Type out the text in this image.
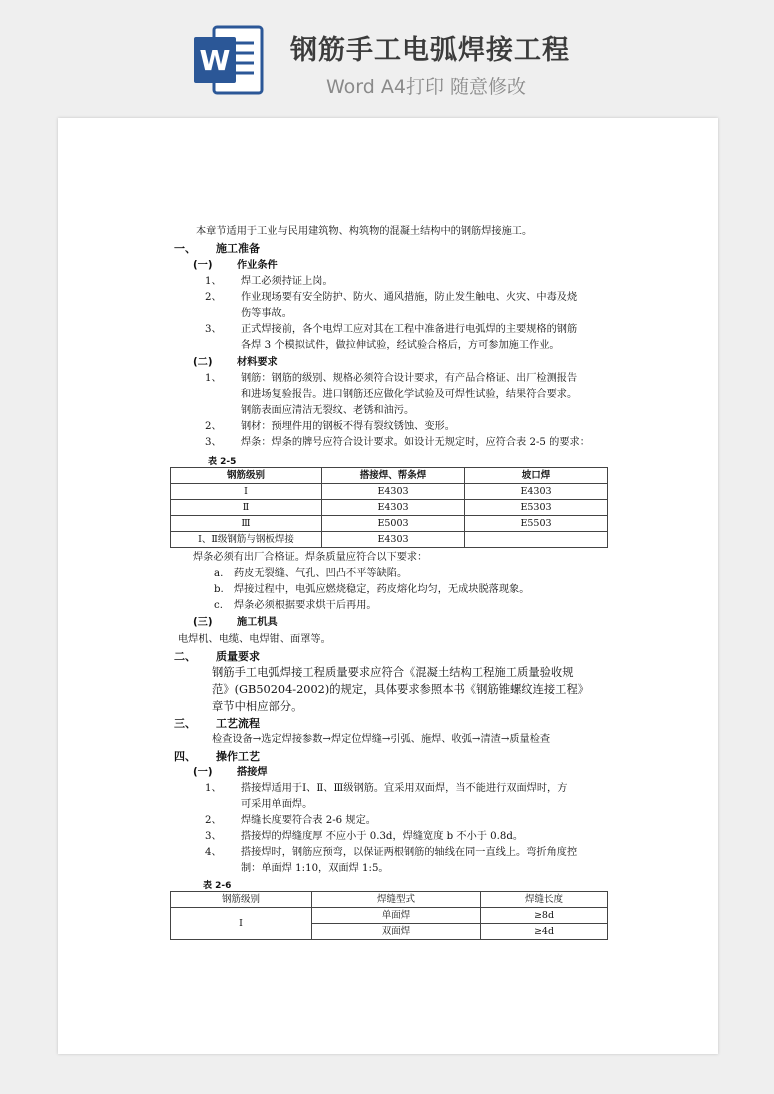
W 钢筋手工电弧焊接工程
Word A4打印 随意修改
本章节适用于工业与民用建筑物、构筑物的混凝土结构中的钢筋焊接施工。
一、 施工准备
(一) 作业条件
1、 焊工必须持证上岗。
2、 作业现场要有安全防护、防火、通风措施，防止发生触电、火灾、中毒及烧
伤等事故。
3、 正式焊接前，各个电焊工应对其在工程中准备进行电弧焊的主要规格的钢筋
各焊 3 个模拟试件，做拉伸试验，经试验合格后，方可参加施工作业。
(二) 材料要求
1、 钢筋：钢筋的级别、规格必须符合设计要求，有产品合格证、出厂检测报告
和进场复验报告。进口钢筋还应做化学试验及可焊性试验，结果符合要求。
钢筋表面应清洁无裂纹、老锈和油污。
2、 钢材：预埋件用的钢板不得有裂纹锈蚀、变形。
3、 焊条：焊条的牌号应符合设计要求。如设计无规定时，应符合表 2-5 的要求：
表 2-5
钢筋级别	搭接焊、帮条焊	坡口焊
Ⅰ	E4303	E4303
Ⅱ	E4303	E5303
Ⅲ	E5003	E5503
Ⅰ、Ⅱ级钢筋与钢板焊接	E4303	
焊条必须有出厂合格证。焊条质量应符合以下要求：
a. 药皮无裂缝、气孔、凹凸不平等缺陷。
b. 焊接过程中，电弧应燃烧稳定，药皮熔化均匀，无成块脱落现象。
c. 焊条必须根据要求烘干后再用。
(三) 施工机具
电焊机、电缆、电焊钳、面罩等。
二、 质量要求
钢筋手工电弧焊接工程质量要求应符合《混凝土结构工程施工质量验收规
范》(GB50204-2002)的规定，具体要求参照本书《钢筋锥螺纹连接工程》
章节中相应部分。
三、 工艺流程
检查设备→选定焊接参数→焊定位焊缝→引弧、施焊、收弧→清渣→质量检查
四、 操作工艺
(一) 搭接焊
1、 搭接焊适用于Ⅰ、Ⅱ、Ⅲ级钢筋。宜采用双面焊，当不能进行双面焊时，方
可采用单面焊。
2、 焊缝长度要符合表 2-6 规定。
3、 搭接焊的焊缝度厚 不应小于 0.3d，焊缝宽度 b 不小于 0.8d。
4、 搭接焊时，钢筋应预弯，以保证两根钢筋的轴线在同一直线上。弯折角度控
制：单面焊 1:10，双面焊 1:5。
表 2-6
钢筋级别	焊缝型式	焊缝长度
Ⅰ	单面焊	≥8d
	双面焊	≥4d
